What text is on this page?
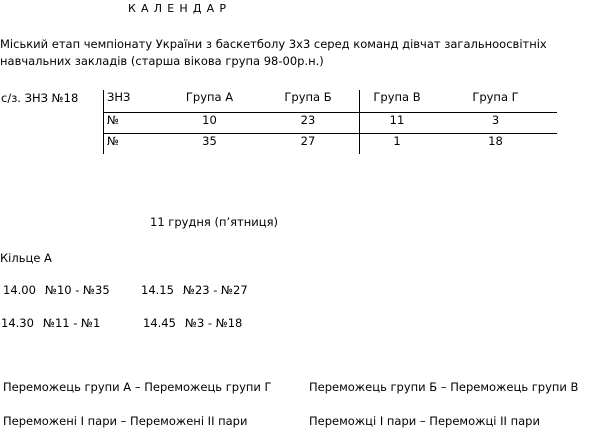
КАЛЕНДАР
Міський етап чемпіонату України з баскетболу 3х3 серед команд дівчат загальноосвітніх навчальних закладів (старша вікова група 98-00р.н.)
с/з. ЗНЗ №18 ЗНЗ	Група А	Група Б	Група В	Група Г
№	10	23	11	3
№	35	27	1	18
11 грудня (п’ятниця)
Кільце А
14.00 №10 - №35	14.15 №23 - №27
14.30 №11 - №1	14.45 №3 - №18
Переможець групи А – Переможець групи Г	Переможець групи Б – Переможець групи В
Переможені І пари – Переможені ІІ пари	Переможці І пари – Переможці ІІ пари
